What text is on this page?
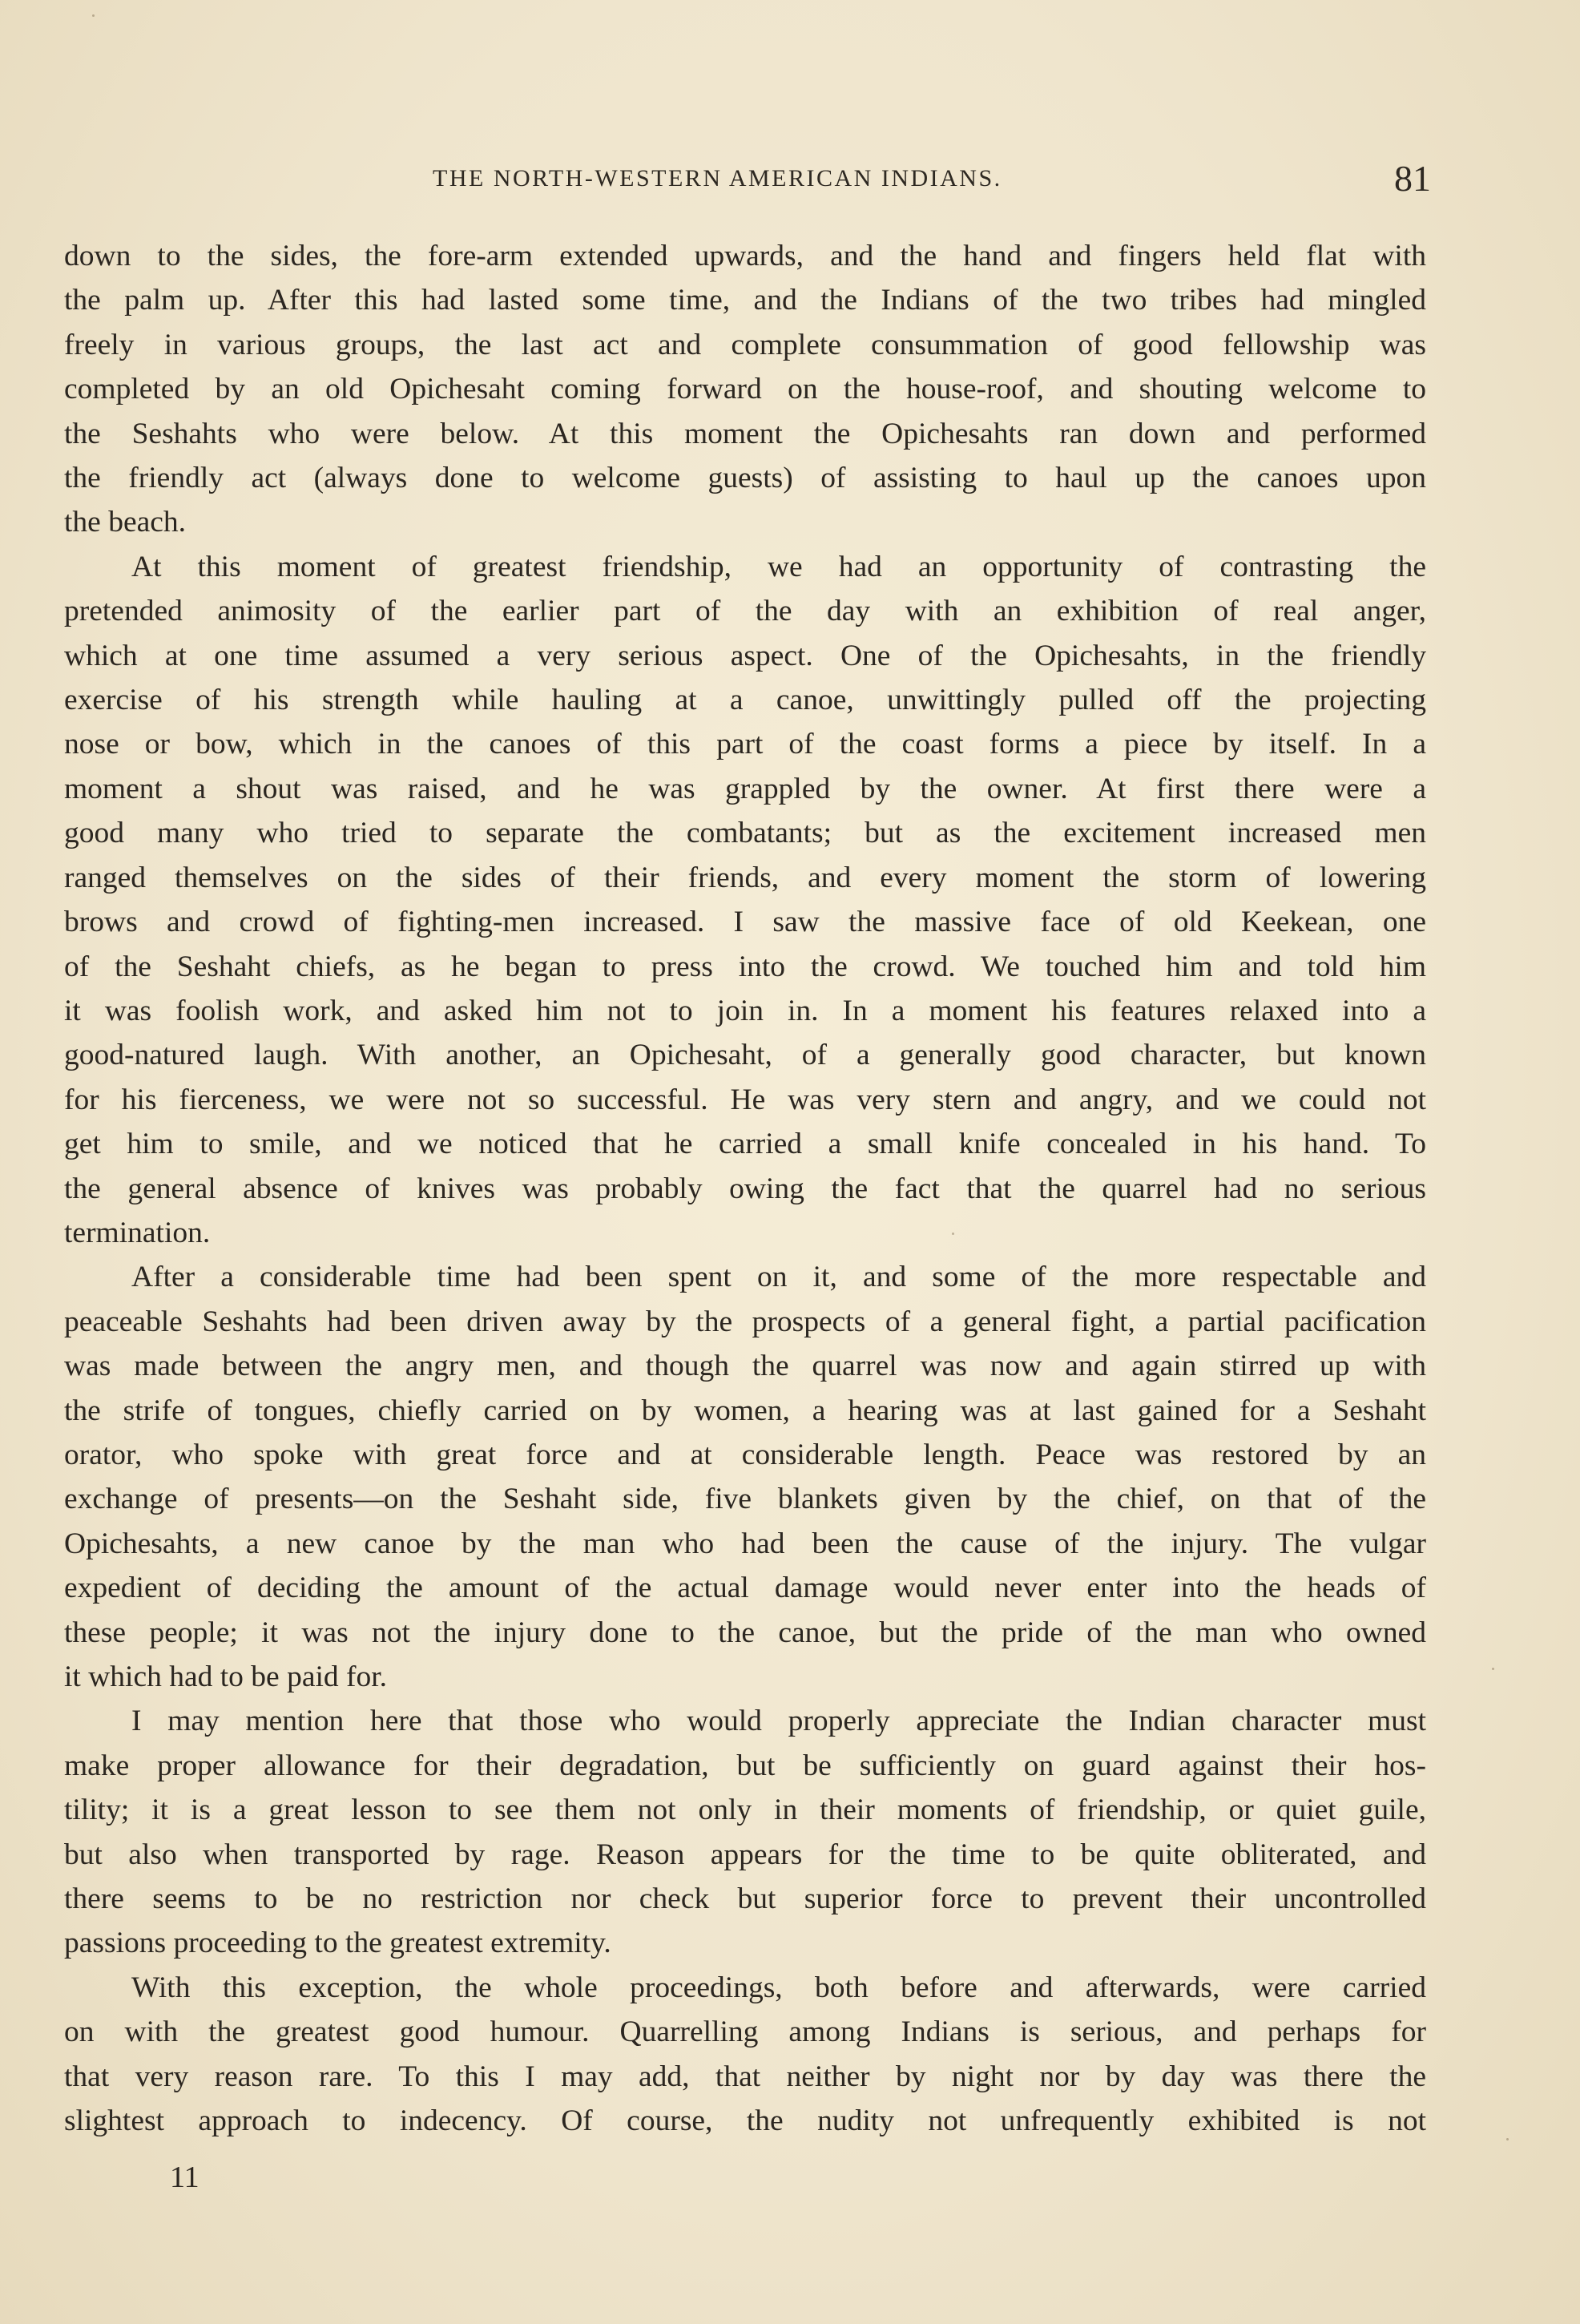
THE NORTH-WESTERN AMERICAN INDIANS.	81

down to the sides, the fore-arm extended upwards, and the hand and fingers held flat with
the palm up. After this had lasted some time, and the Indians of the two tribes had mingled
freely in various groups, the last act and complete consummation of good fellowship was
completed by an old Opichesaht coming forward on the house-roof, and shouting welcome to
the Seshahts who were below. At this moment the Opichesahts ran down and performed
the friendly act (always done to welcome guests) of assisting to haul up the canoes upon
the beach.

At this moment of greatest friendship, we had an opportunity of contrasting the
pretended animosity of the earlier part of the day with an exhibition of real anger,
which at one time assumed a very serious aspect. One of the Opichesahts, in the friendly
exercise of his strength while hauling at a canoe, unwittingly pulled off the projecting
nose or bow, which in the canoes of this part of the coast forms a piece by itself. In a
moment a shout was raised, and he was grappled by the owner. At first there were a
good many who tried to separate the combatants; but as the excitement increased men
ranged themselves on the sides of their friends, and every moment the storm of lowering
brows and crowd of fighting-men increased. I saw the massive face of old Keekean, one
of the Seshaht chiefs, as he began to press into the crowd. We touched him and told him
it was foolish work, and asked him not to join in. In a moment his features relaxed into a
good-natured laugh. With another, an Opichesaht, of a generally good character, but known
for his fierceness, we were not so successful. He was very stern and angry, and we could not
get him to smile, and we noticed that he carried a small knife concealed in his hand. To
the general absence of knives was probably owing the fact that the quarrel had no serious
termination.

After a considerable time had been spent on it, and some of the more respectable and
peaceable Seshahts had been driven away by the prospects of a general fight, a partial pacification
was made between the angry men, and though the quarrel was now and again stirred up with
the strife of tongues, chiefly carried on by women, a hearing was at last gained for a Seshaht
orator, who spoke with great force and at considerable length. Peace was restored by an
exchange of presents—on the Seshaht side, five blankets given by the chief, on that of the
Opichesahts, a new canoe by the man who had been the cause of the injury. The vulgar
expedient of deciding the amount of the actual damage would never enter into the heads of
these people; it was not the injury done to the canoe, but the pride of the man who owned
it which had to be paid for.

I may mention here that those who would properly appreciate the Indian character must
make proper allowance for their degradation, but be sufficiently on guard against their hos-
tility; it is a great lesson to see them not only in their moments of friendship, or quiet guile,
but also when transported by rage. Reason appears for the time to be quite obliterated, and
there seems to be no restriction nor check but superior force to prevent their uncontrolled
passions proceeding to the greatest extremity.

With this exception, the whole proceedings, both before and afterwards, were carried
on with the greatest good humour. Quarrelling among Indians is serious, and perhaps for
that very reason rare. To this I may add, that neither by night nor by day was there the
slightest approach to indecency. Of course, the nudity not unfrequently exhibited is not

11
